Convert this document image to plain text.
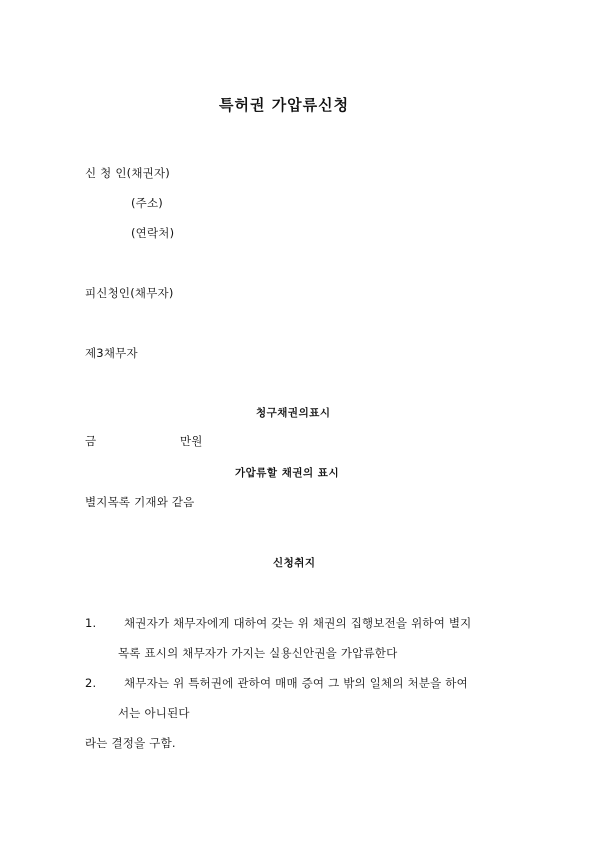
특허권 가압류신청
신 청 인(채권자)
(주소)
(연락처)
피신청인(채무자)
제3채무자
청구채권의표시
금	만원
가압류할 채권의 표시
별지목록 기재와 같음
신청취지
1. 채권자가 채무자에게 대하여 갖는 위 채권의 집행보전을 위하여 별지
목록 표시의 채무자가 가지는 실용신안권을 가압류한다
2. 채무자는 위 특허권에 관하여 매매 증여 그 밖의 일체의 처분을 하여
서는 아니된다
라는 결정을 구함.
